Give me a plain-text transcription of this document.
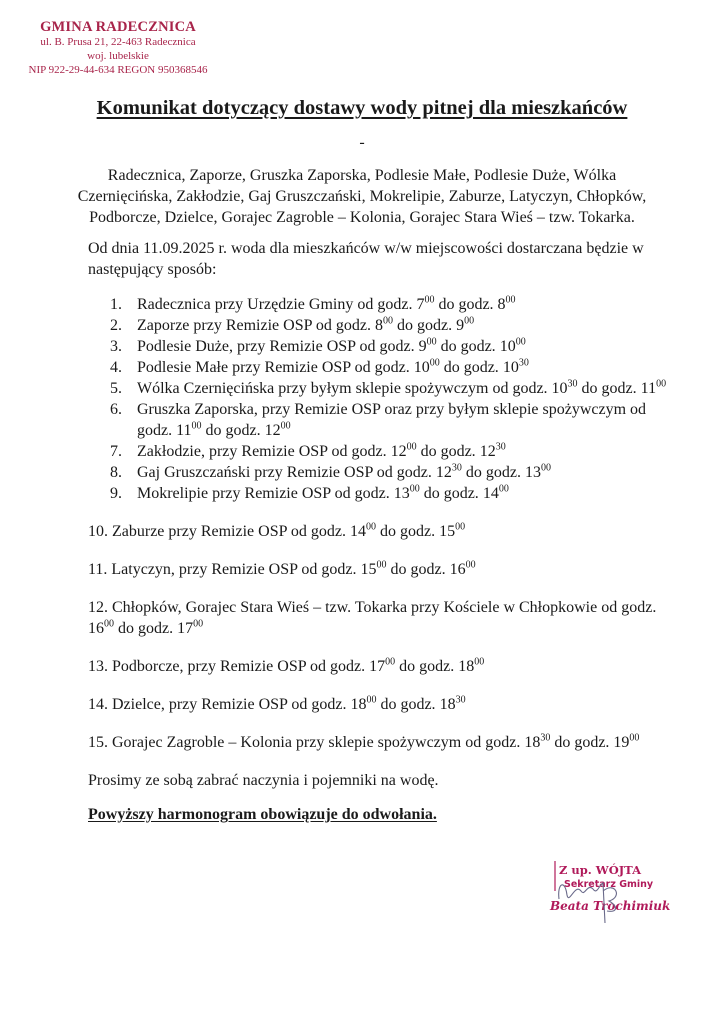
GMINA RADECZNICA
ul. B. Prusa 21, 22-463 Radecznica
woj. lubelskie
NIP 922-29-44-634 REGON 950368546
Komunikat dotyczący dostawy wody pitnej dla mieszkańców
-
Radecznica, Zaporze, Gruszka Zaporska, Podlesie Małe, Podlesie Duże, Wólka Czernięcińska, Zakłodzie, Gaj Gruszczański, Mokrelipie, Zaburze, Latyczyn, Chłopków, Podborcze, Dzielce, Gorajec Zagroble – Kolonia, Gorajec Stara Wieś – tzw. Tokarka.
Od dnia 11.09.2025 r. woda dla mieszkańców w/w miejscowości dostarczana będzie w następujący sposób:
1. Radecznica przy Urzędzie Gminy od godz. $7^{00}$ do godz. $8^{00}$
2. Zaporze przy Remizie OSP od godz. $8^{00}$ do godz. $9^{00}$
3. Podlesie Duże, przy Remizie OSP od godz. $9^{00}$ do godz. $10^{00}$
4. Podlesie Małe przy Remizie OSP od godz. $10^{00}$ do godz. $10^{30}$
5. Wólka Czernięcińska przy byłym sklepie spożywczym od godz. $10^{30}$ do godz. $11^{00}$
6. Gruszka Zaporska, przy Remizie OSP oraz przy byłym sklepie spożywczym od godz. $11^{00}$ do godz. $12^{00}$
7. Zakłodzie, przy Remizie OSP od godz. $12^{00}$ do godz. $12^{30}$
8. Gaj Gruszczański przy Remizie OSP od godz. $12^{30}$ do godz. $13^{00}$
9. Mokrelipie przy Remizie OSP od godz. $13^{00}$ do godz. $14^{00}$
10. Zaburze przy Remizie OSP od godz. $14^{00}$ do godz. $15^{00}$
11. Latyczyn, przy Remizie OSP od godz. $15^{00}$ do godz. $16^{00}$
12. Chłopków, Gorajec Stara Wieś – tzw. Tokarka przy Kościele w Chłopkowie od godz. $16^{00}$ do godz. $17^{00}$
13. Podborcze, przy Remizie OSP od godz. $17^{00}$ do godz. $18^{00}$
14. Dzielce, przy Remizie OSP od godz. $18^{00}$ do godz. $18^{30}$
15. Gorajec Zagroble – Kolonia przy sklepie spożywczym od godz. $18^{30}$ do godz. $19^{00}$
Prosimy ze sobą zabrać naczynia i pojemniki na wodę.
Powyższy harmonogram obowiązuje do odwołania.
Z up. WÓJTA
Sekretarz Gminy
Beata Trochimiuk
